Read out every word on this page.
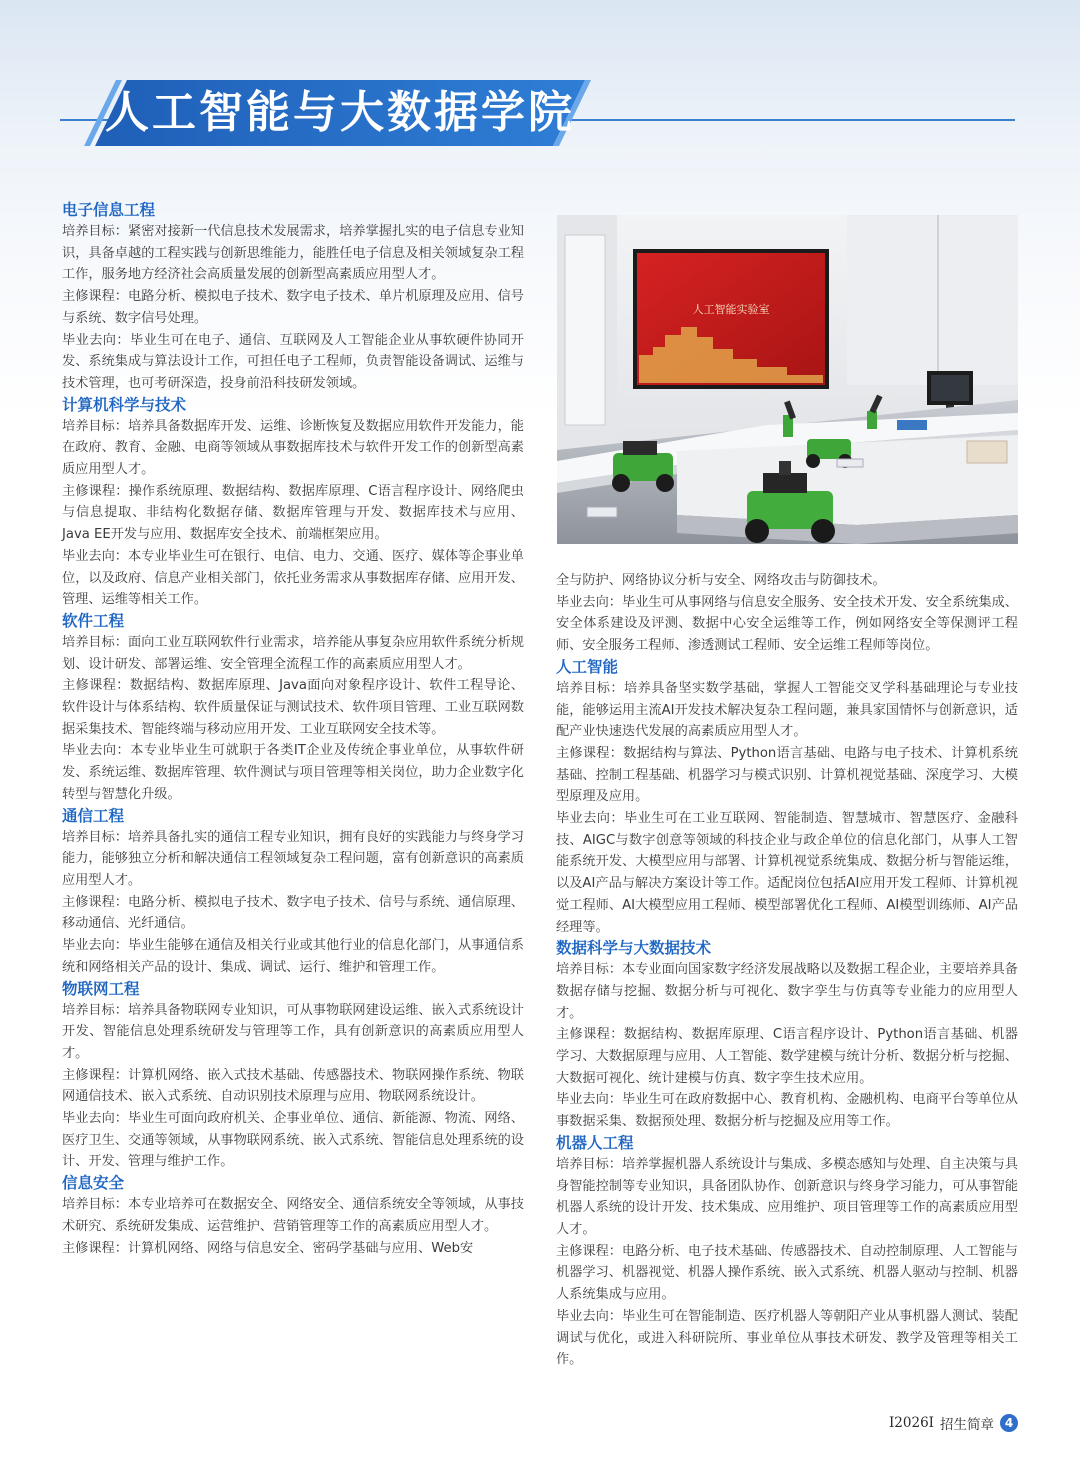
人工智能与大数据学院
电子信息工程

培养目标：紧密对接新一代信息技术发展需求，培养掌握扎实的电子信息专业知识，具备卓越的工程实践与创新思维能力，能胜任电子信息及相关领域复杂工程工作，服务地方经济社会高质量发展的创新型高素质应用型人才。

主修课程：电路分析、模拟电子技术、数字电子技术、单片机原理及应用、信号与系统、数字信号处理。

毕业去向：毕业生可在电子、通信、互联网及人工智能企业从事软硬件协同开发、系统集成与算法设计工作，可担任电子工程师，负责智能设备调试、运维与技术管理，也可考研深造，投身前沿科技研发领域。

计算机科学与技术

培养目标：培养具备数据库开发、运维、诊断恢复及数据应用软件开发能力，能在政府、教育、金融、电商等领域从事数据库技术与软件开发工作的创新型高素质应用型人才。

主修课程：操作系统原理、数据结构、数据库原理、C语言程序设计、网络爬虫与信息提取、非结构化数据存储、数据库管理与开发、数据库技术与应用、Java EE开发与应用、数据库安全技术、前端框架应用。

毕业去向：本专业毕业生可在银行、电信、电力、交通、医疗、媒体等企事业单位，以及政府、信息产业相关部门，依托业务需求从事数据库存储、应用开发、管理、运维等相关工作。

软件工程

培养目标：面向工业互联网软件行业需求，培养能从事复杂应用软件系统分析规划、设计研发、部署运维、安全管理全流程工作的高素质应用型人才。

主修课程：数据结构、数据库原理、Java面向对象程序设计、软件工程导论、软件设计与体系结构、软件质量保证与测试技术、软件项目管理、工业互联网数据采集技术、智能终端与移动应用开发、工业互联网安全技术等。

毕业去向：本专业毕业生可就职于各类IT企业及传统企事业单位，从事软件研发、系统运维、数据库管理、软件测试与项目管理等相关岗位，助力企业数字化转型与智慧化升级。

通信工程

培养目标：培养具备扎实的通信工程专业知识，拥有良好的实践能力与终身学习能力，能够独立分析和解决通信工程领域复杂工程问题，富有创新意识的高素质应用型人才。

主修课程：电路分析、模拟电子技术、数字电子技术、信号与系统、通信原理、移动通信、光纤通信。

毕业去向：毕业生能够在通信及相关行业或其他行业的信息化部门，从事通信系统和网络相关产品的设计、集成、调试、运行、维护和管理工作。

物联网工程

培养目标：培养具备物联网专业知识，可从事物联网建设运维、嵌入式系统设计开发、智能信息处理系统研发与管理等工作，具有创新意识的高素质应用型人才。

主修课程：计算机网络、嵌入式技术基础、传感器技术、物联网操作系统、物联网通信技术、嵌入式系统、自动识别技术原理与应用、物联网系统设计。

毕业去向：毕业生可面向政府机关、企事业单位、通信、新能源、物流、网络、医疗卫生、交通等领域，从事物联网系统、嵌入式系统、智能信息处理系统的设计、开发、管理与维护工作。

信息安全

培养目标：本专业培养可在数据安全、网络安全、通信系统安全等领域，从事技术研究、系统研发集成、运营维护、营销管理等工作的高素质应用型人才。

主修课程：计算机网络、网络与信息安全、密码学基础与应用、Web安

人工智能实验室

全与防护、网络协议分析与安全、网络攻击与防御技术。

毕业去向：毕业生可从事网络与信息安全服务、安全技术开发、安全系统集成、安全体系建设及评测、数据中心安全运维等工作，例如网络安全等保测评工程师、安全服务工程师、渗透测试工程师、安全运维工程师等岗位。

人工智能

培养目标：培养具备坚实数学基础，掌握人工智能交叉学科基础理论与专业技能，能够运用主流AI开发技术解决复杂工程问题，兼具家国情怀与创新意识，适配产业快速迭代发展的高素质应用型人才。

主修课程：数据结构与算法、Python语言基础、电路与电子技术、计算机系统基础、控制工程基础、机器学习与模式识别、计算机视觉基础、深度学习、大模型原理及应用。

毕业去向：毕业生可在工业互联网、智能制造、智慧城市、智慧医疗、金融科技、AIGC与数字创意等领域的科技企业与政企单位的信息化部门，从事人工智能系统开发、大模型应用与部署、计算机视觉系统集成、数据分析与智能运维，以及AI产品与解决方案设计等工作。适配岗位包括AI应用开发工程师、计算机视觉工程师、AI大模型应用工程师、模型部署优化工程师、AI模型训练师、AI产品经理等。

数据科学与大数据技术

培养目标：本专业面向国家数字经济发展战略以及数据工程企业，主要培养具备数据存储与挖掘、数据分析与可视化、数字孪生与仿真等专业能力的应用型人才。

主修课程：数据结构、数据库原理、C语言程序设计、Python语言基础、机器学习、大数据原理与应用、人工智能、数学建模与统计分析、数据分析与挖掘、大数据可视化、统计建模与仿真、数字孪生技术应用。

毕业去向：毕业生可在政府数据中心、教育机构、金融机构、电商平台等单位从事数据采集、数据预处理、数据分析与挖掘及应用等工作。

机器人工程

培养目标：培养掌握机器人系统设计与集成、多模态感知与处理、自主决策与具身智能控制等专业知识，具备团队协作、创新意识与终身学习能力，可从事智能机器人系统的设计开发、技术集成、应用维护、项目管理等工作的高素质应用型人才。

主修课程：电路分析、电子技术基础、传感器技术、自动控制原理、人工智能与机器学习、机器视觉、机器人操作系统、嵌入式系统、机器人驱动与控制、机器人系统集成与应用。

毕业去向：毕业生可在智能制造、医疗机器人等朝阳产业从事机器人测试、装配调试与优化，或进入科研院所、事业单位从事技术研发、教学及管理等相关工作。

I2026I 招生简章 4
